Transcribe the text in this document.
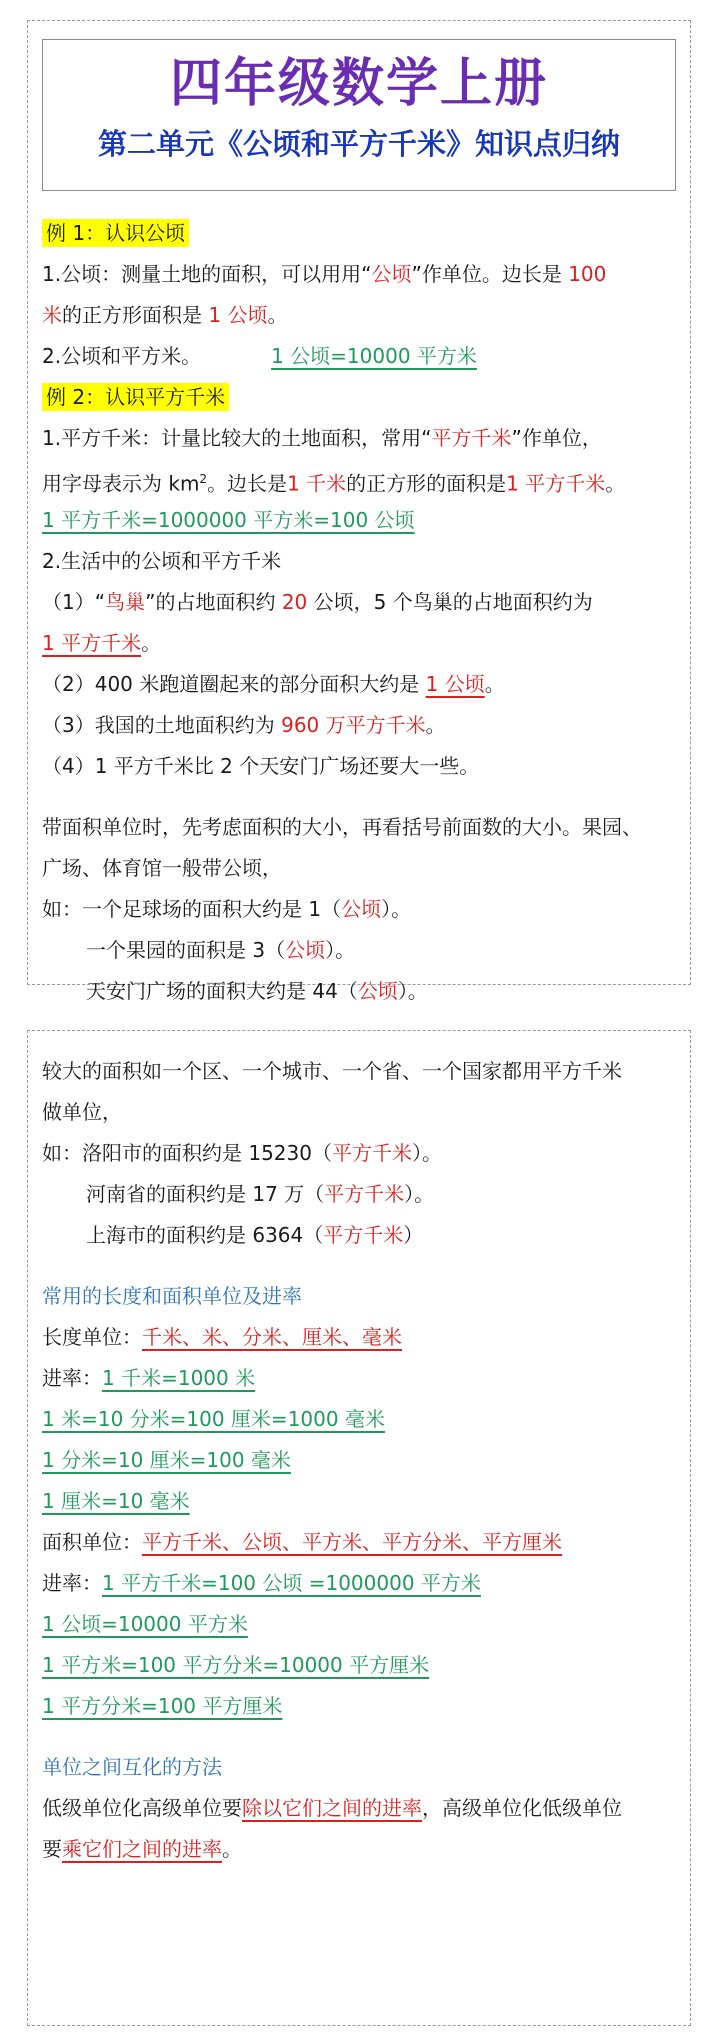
四年级数学上册
第二单元《公顷和平方千米》知识点归纳
例 1：认识公顷
1.公顷：测量土地的面积，可以用用“公顷”作单位。边长是 100
米的正方形面积是 1 公顷。
2.公顷和平方米。	1 公顷=10000 平方米
例 2：认识平方千米
1.平方千米：计量比较大的土地面积，常用“平方千米”作单位，
用字母表示为 $km^2$。边长是1 千米的正方形的面积是1 平方千米。
1 平方千米=1000000 平方米=100 公顷
2.生活中的公顷和平方千米
（1）“鸟巢”的占地面积约 20 公顷，5 个鸟巢的占地面积约为
1 平方千米。
（2）400 米跑道圈起来的部分面积大约是 1 公顷。
（3）我国的土地面积约为 960 万平方千米。
（4）1 平方千米比 2 个天安门广场还要大一些。
带面积单位时，先考虑面积的大小，再看括号前面数的大小。果园、
广场、体育馆一般带公顷，
如：一个足球场的面积大约是 1（公顷）。
一个果园的面积是 3（公顷）。
天安门广场的面积大约是 44（公顷）。
较大的面积如一个区、一个城市、一个省、一个国家都用平方千米
做单位，
如：洛阳市的面积约是 15230（平方千米）。
河南省的面积约是 17 万（平方千米）。
上海市的面积约是 6364（平方千米）
常用的长度和面积单位及进率
长度单位：千米、米、分米、厘米、毫米
进率：1 千米=1000 米
1 米=10 分米=100 厘米=1000 毫米
1 分米=10 厘米=100 毫米
1 厘米=10 毫米
面积单位：平方千米、公顷、平方米、平方分米、平方厘米
进率：1 平方千米=100 公顷 =1000000 平方米
1 公顷=10000 平方米
1 平方米=100 平方分米=10000 平方厘米
1 平方分米=100 平方厘米
单位之间互化的方法
低级单位化高级单位要除以它们之间的进率，高级单位化低级单位
要乘它们之间的进率。
